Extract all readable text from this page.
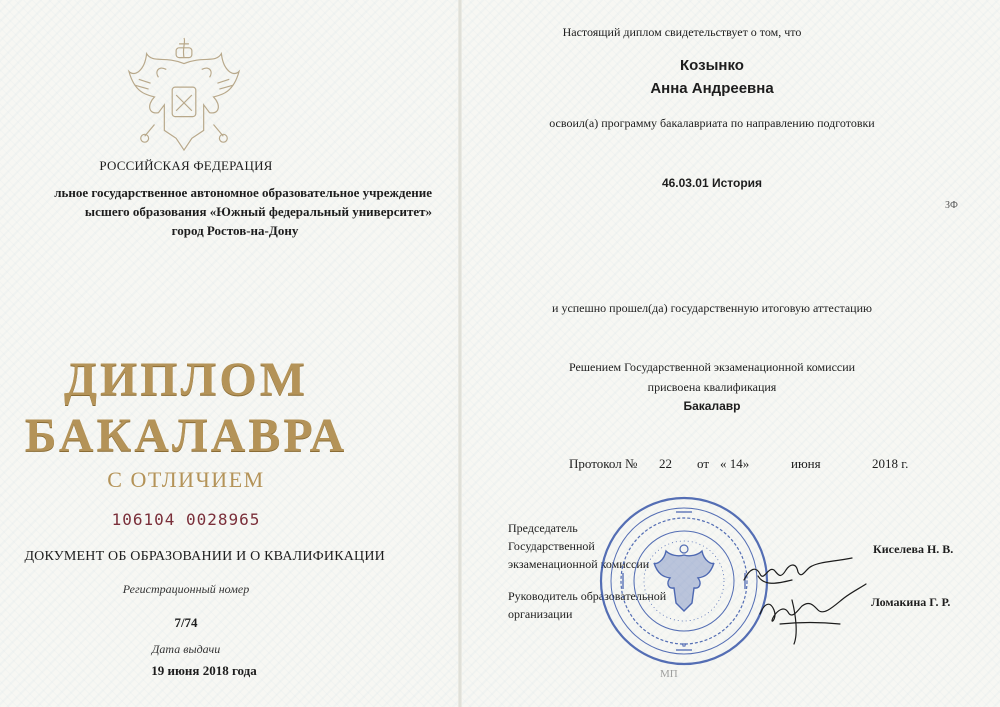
РОССИЙСКАЯ ФЕДЕРАЦИЯ
льное государственное автономное образовательное учреждение
ысшего образования «Южный федеральный университет»
город Ростов-на-Дону
ДИПЛОМ
БАКАЛАВРА
С ОТЛИЧИЕМ
106104 0028965
ДОКУМЕНТ ОБ ОБРАЗОВАНИИ И О КВАЛИФИКАЦИИ
Регистрационный номер
7/74
Дата выдачи
19 июня 2018 года
Настоящий диплом свидетельствует о том, что
Козынко
Анна Андреевна
освоил(а) программу бакалавриата по направлению подготовки
46.03.01 История
ЗФ
и успешно прошел(да) государственную итоговую аттестацию
Решением Государственной экзаменационной комиссии
присвоена квалификация
Бакалавр
Протокол № 22 от « 14»	июня	2018 г.
Председатель
Государственной
экзаменационной комиссии
Руководитель образовательной
организации
Киселева Н. В.
Ломакина Г. Р.
МП
